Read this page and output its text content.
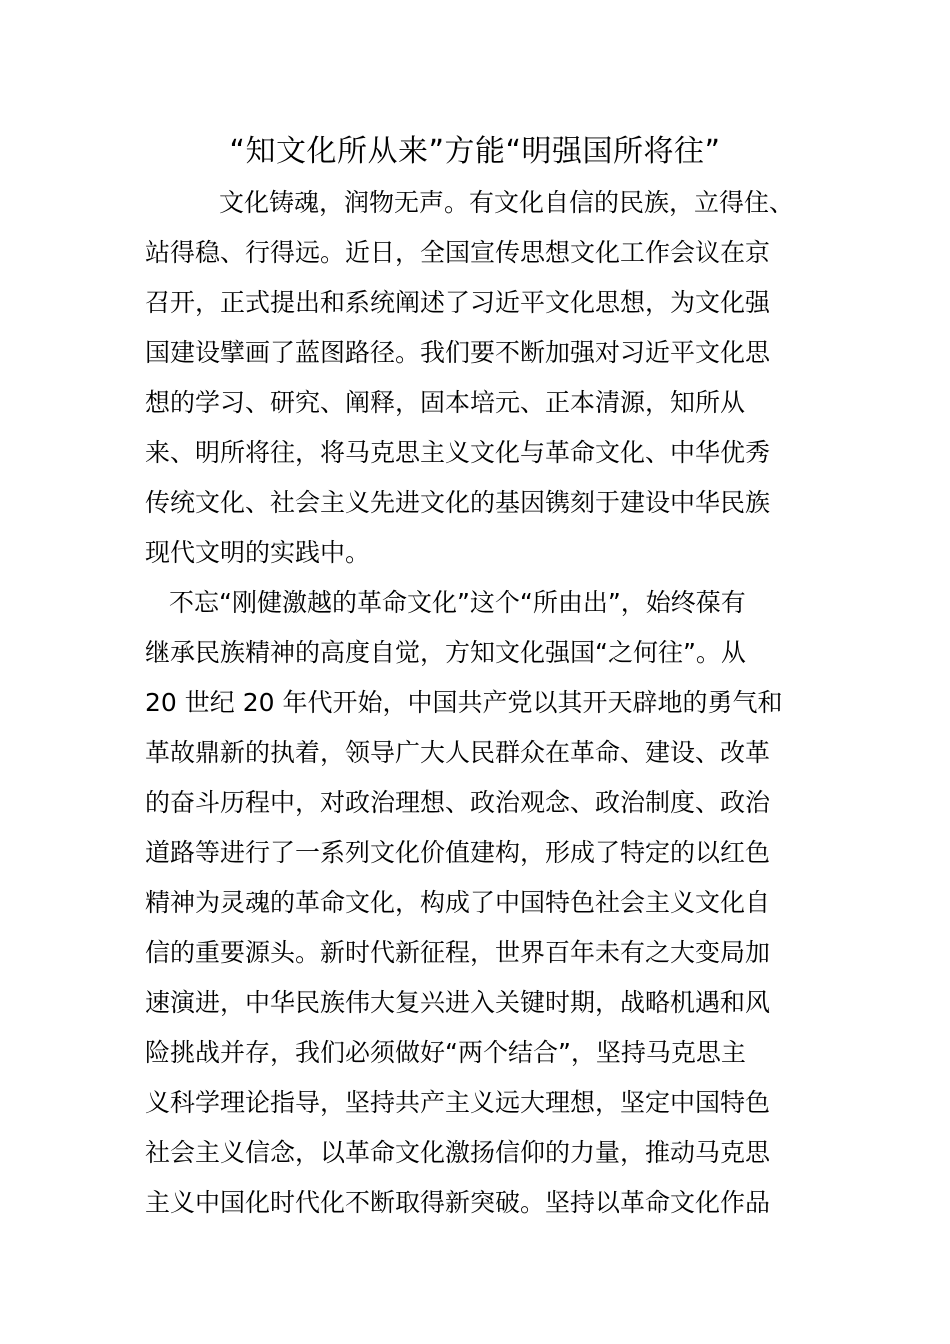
“知文化所从来”方能“明强国所将往”
文化铸魂，润物无声。有文化自信的民族，立得住、
站得稳、行得远。近日，全国宣传思想文化工作会议在京
召开，正式提出和系统阐述了习近平文化思想，为文化强
国建设擘画了蓝图路径。我们要不断加强对习近平文化思
想的学习、研究、阐释，固本培元、正本清源，知所从
来、明所将往，将马克思主义文化与革命文化、中华优秀
传统文化、社会主义先进文化的基因镌刻于建设中华民族
现代文明的实践中。
不忘“刚健激越的革命文化”这个“所由出”，始终葆有
继承民族精神的高度自觉，方知文化强国“之何往”。从
20 世纪 20 年代开始，中国共产党以其开天辟地的勇气和
革故鼎新的执着，领导广大人民群众在革命、建设、改革
的奋斗历程中，对政治理想、政治观念、政治制度、政治
道路等进行了一系列文化价值建构，形成了特定的以红色
精神为灵魂的革命文化，构成了中国特色社会主义文化自
信的重要源头。新时代新征程，世界百年未有之大变局加
速演进，中华民族伟大复兴进入关键时期，战略机遇和风
险挑战并存，我们必须做好“两个结合”，坚持马克思主
义科学理论指导，坚持共产主义远大理想，坚定中国特色
社会主义信念，以革命文化激扬信仰的力量，推动马克思
主义中国化时代化不断取得新突破。坚持以革命文化作品
